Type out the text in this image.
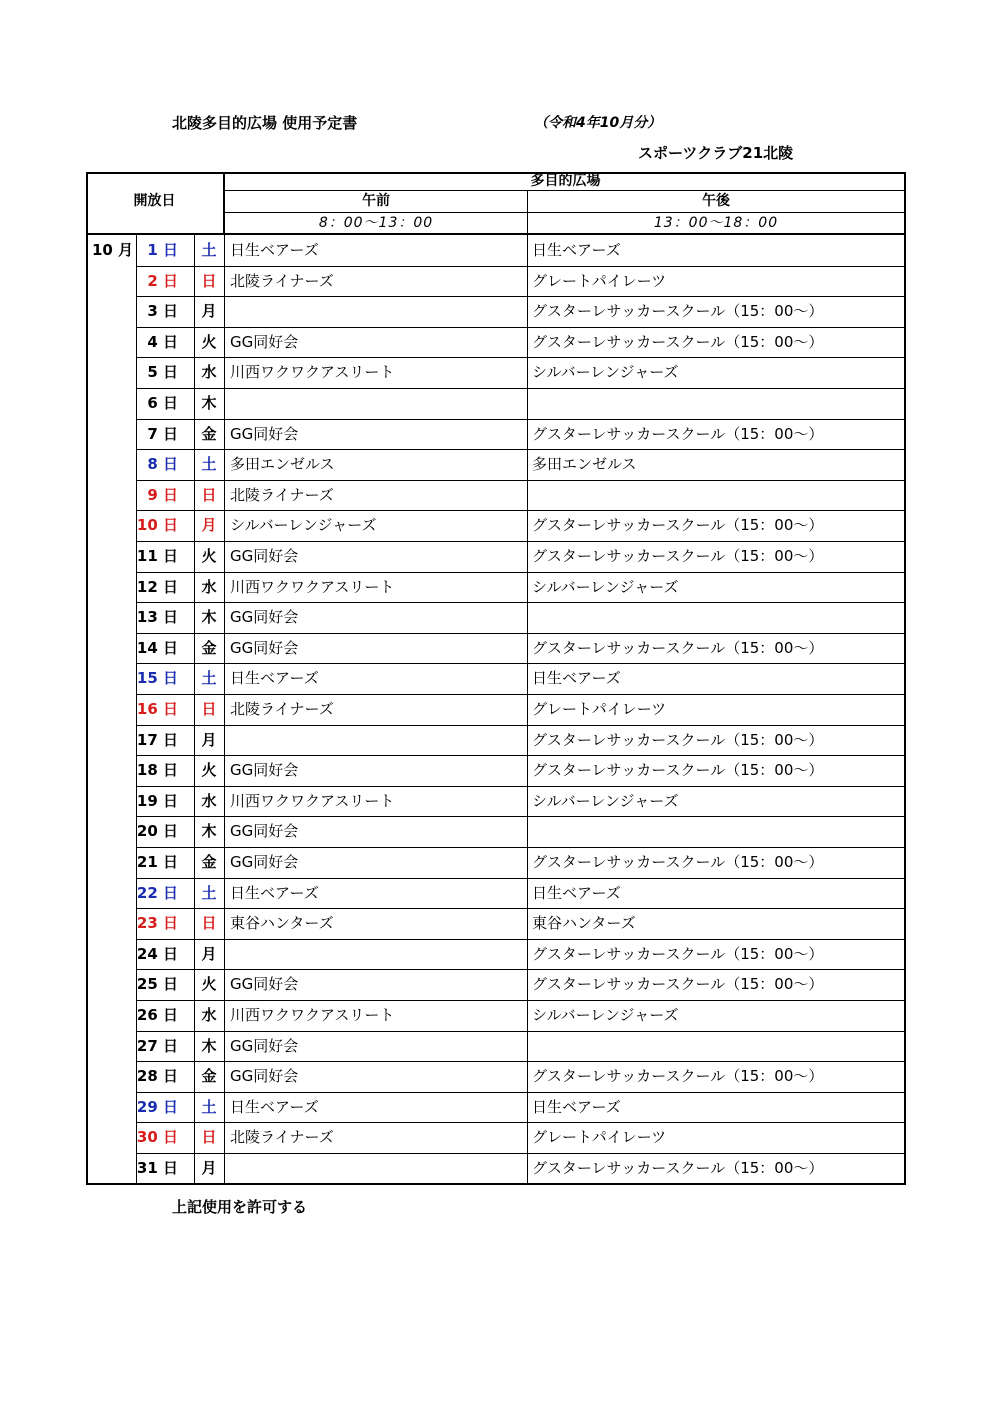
北陵多目的広場 使用予定書	（令和4年10月分）
スポーツクラブ21北陵
開放日
多目的広場
午前	午後
8：00～13：00	13：00～18：00
10 月 1 日 土 日生ベアーズ	日生ベアーズ
2 日 日 北陵ライナーズ	グレートパイレーツ
3 日 月	グスターレサッカースクール（15：00～）
4 日 火 GG同好会	グスターレサッカースクール（15：00～）
5 日 水 川西ワクワクアスリート	シルバーレンジャーズ
6 日 木
7 日 金 GG同好会	グスターレサッカースクール（15：00～）
8 日 土 多田エンゼルス	多田エンゼルス
9 日 日 北陵ライナーズ
10 日 月 シルバーレンジャーズ	グスターレサッカースクール（15：00～）
11 日 火 GG同好会	グスターレサッカースクール（15：00～）
12 日 水 川西ワクワクアスリート	シルバーレンジャーズ
13 日 木 GG同好会
14 日 金 GG同好会	グスターレサッカースクール（15：00～）
15 日 土 日生ベアーズ	日生ベアーズ
16 日 日 北陵ライナーズ	グレートパイレーツ
17 日 月	グスターレサッカースクール（15：00～）
18 日 火 GG同好会	グスターレサッカースクール（15：00～）
19 日 水 川西ワクワクアスリート	シルバーレンジャーズ
20 日 木 GG同好会
21 日 金 GG同好会	グスターレサッカースクール（15：00～）
22 日 土 日生ベアーズ	日生ベアーズ
23 日 日 東谷ハンターズ	東谷ハンターズ
24 日 月	グスターレサッカースクール（15：00～）
25 日 火 GG同好会	グスターレサッカースクール（15：00～）
26 日 水 川西ワクワクアスリート	シルバーレンジャーズ
27 日 木 GG同好会
28 日 金 GG同好会	グスターレサッカースクール（15：00～）
29 日 土 日生ベアーズ	日生ベアーズ
30 日 日 北陵ライナーズ	グレートパイレーツ
31 日 月	グスターレサッカースクール（15：00～）
上記使用を許可する
